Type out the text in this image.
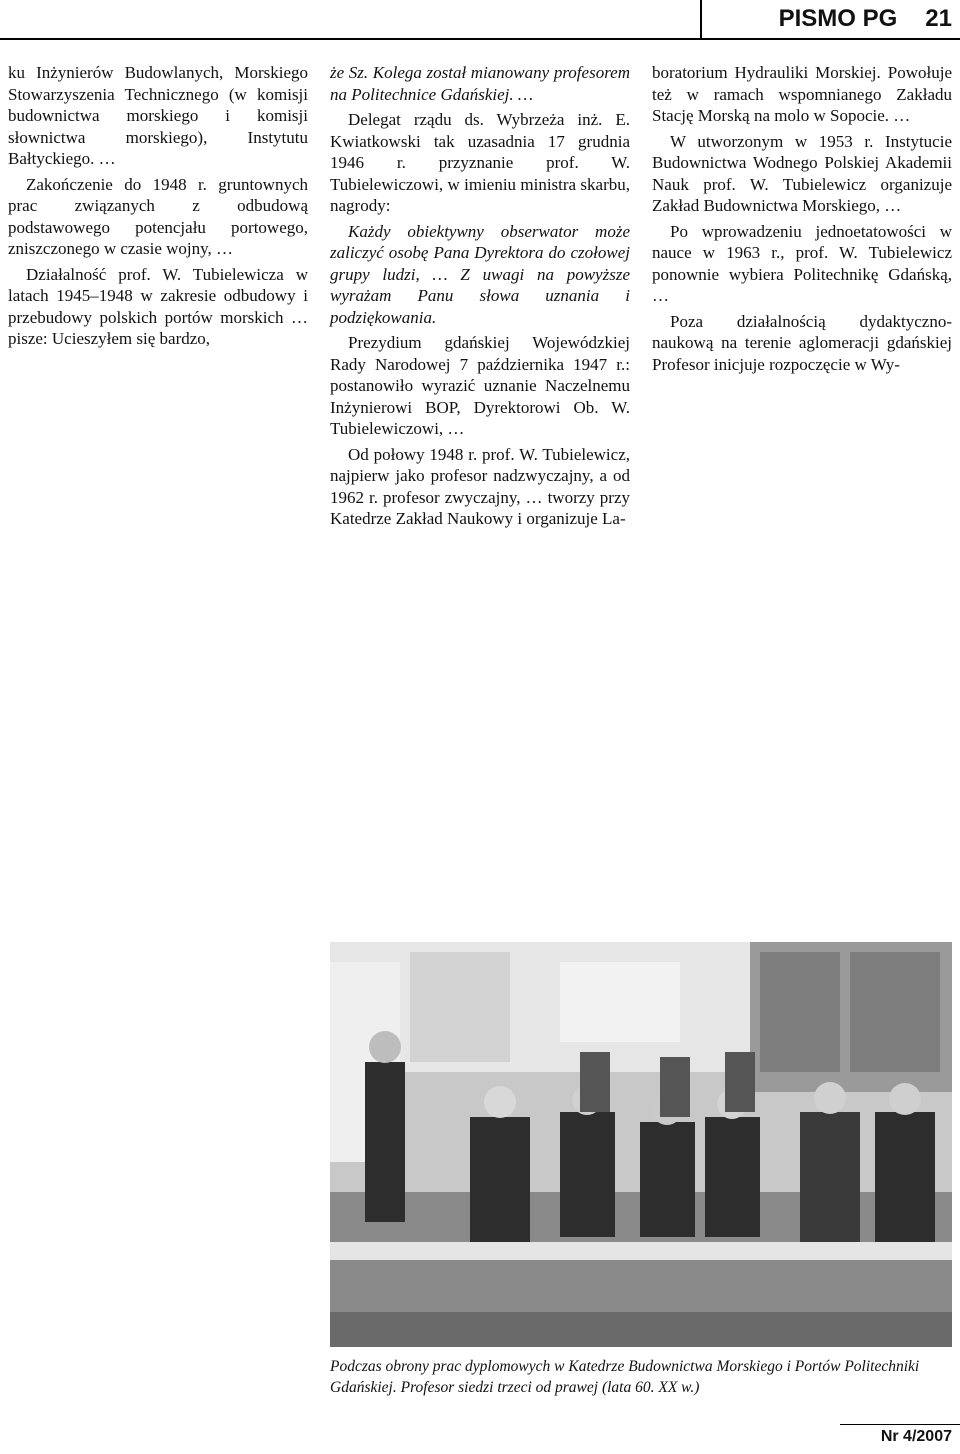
PISMO PG 21

ku Inżynierów Budowlanych, Morskiego Stowarzyszenia Technicznego (w komisji budownictwa morskiego i komisji słownictwa morskiego), Instytutu Bałtyckiego. …

Zakończenie do 1948 r. gruntownych prac związanych z odbudową podstawowego potencjału portowego, zniszczonego w czasie wojny, …

Działalność prof. W. Tubielewicza w latach 1945–1948 w zakresie odbudowy i przebudowy polskich portów morskich … pisze: Ucieszyłem się bardzo,

że Sz. Kolega został mianowany profesorem na Politechnice Gdańskiej. …

Delegat rządu ds. Wybrzeża inż. E. Kwiatkowski tak uzasadnia 17 grudnia 1946 r. przyznanie prof. W. Tubielewiczowi, w imieniu ministra skarbu, nagrody:

Każdy obiektywny obserwator może zaliczyć osobę Pana Dyrektora do czołowej grupy ludzi, … Z uwagi na powyższe wyrażam Panu słowa uznania i podziękowania.

Prezydium gdańskiej Wojewódzkiej Rady Narodowej 7 października 1947 r.: postanowiło wyrazić uznanie Naczelnemu Inżynierowi BOP, Dyrektorowi Ob. W. Tubielewiczowi, …

Od połowy 1948 r. prof. W. Tubielewicz, najpierw jako profesor nadzwyczajny, a od 1962 r. profesor zwyczajny, … tworzy przy Katedrze Zakład Naukowy i organizuje La-

boratorium Hydrauliki Morskiej. Powołuje też w ramach wspomnianego Zakładu Stację Morską na molo w Sopocie. …

W utworzonym w 1953 r. Instytucie Budownictwa Wodnego Polskiej Akademii Nauk prof. W. Tubielewicz organizuje Zakład Budownictwa Morskiego, …

Po wprowadzeniu jednoetatowości w nauce w 1963 r., prof. W. Tubielewicz ponownie wybiera Politechnikę Gdańską, …

Poza działalnością dydaktyczno-naukową na terenie aglomeracji gdańskiej Profesor inicjuje rozpoczęcie w Wy-

Podczas obrony prac dyplomowych w Katedrze Budownictwa Morskiego i Portów Politechniki Gdańskiej. Profesor siedzi trzeci od prawej (lata 60. XX w.)
Nr 4/2007
